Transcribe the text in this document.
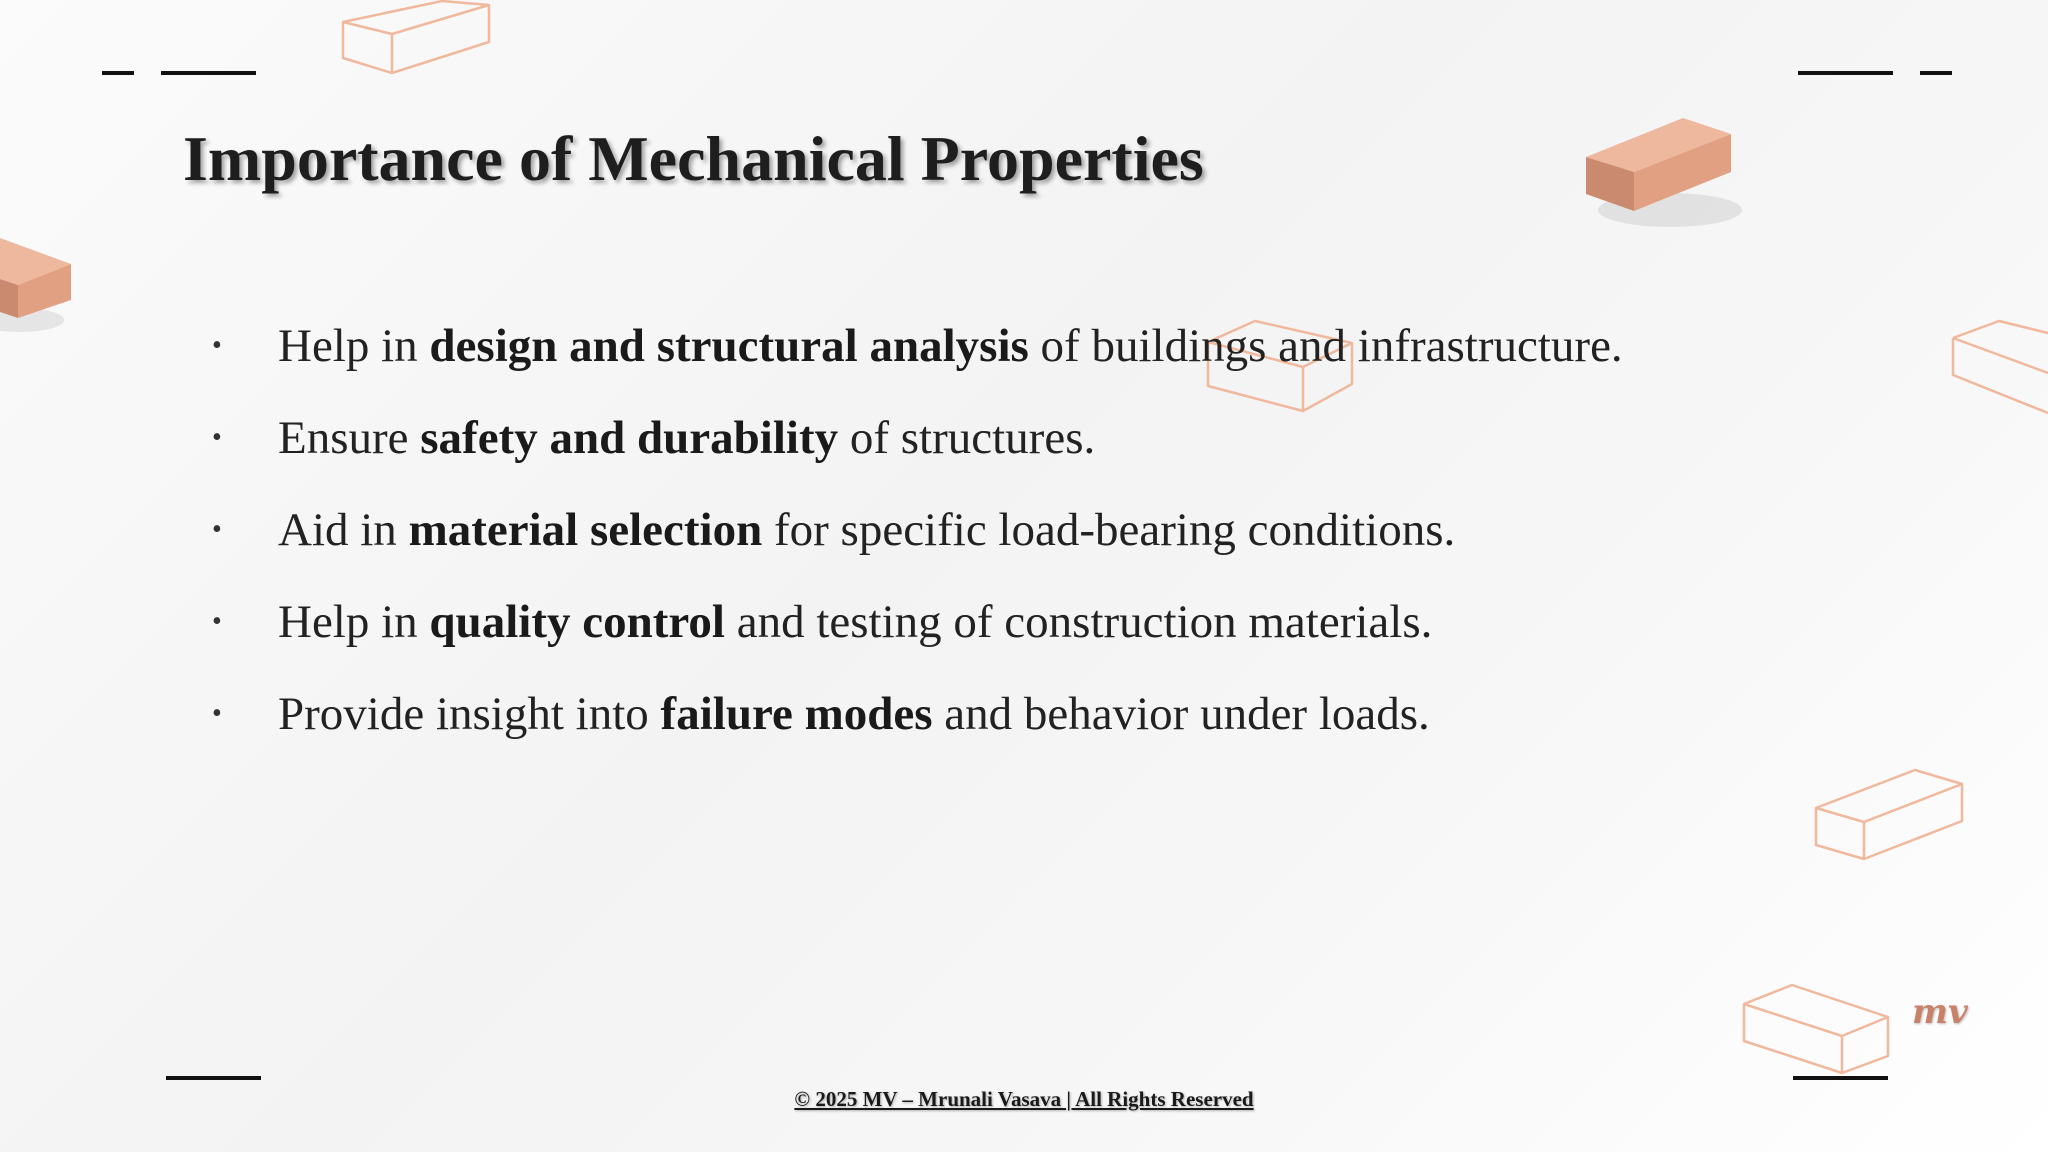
Importance of Mechanical Properties
• Help in design and structural analysis of buildings and infrastructure.
• Ensure safety and durability of structures.
• Aid in material selection for specific load-bearing conditions.
• Help in quality control and testing of construction materials.
• Provide insight into failure modes and behavior under loads.
mv
© 2025 MV – Mrunali Vasava | All Rights Reserved
